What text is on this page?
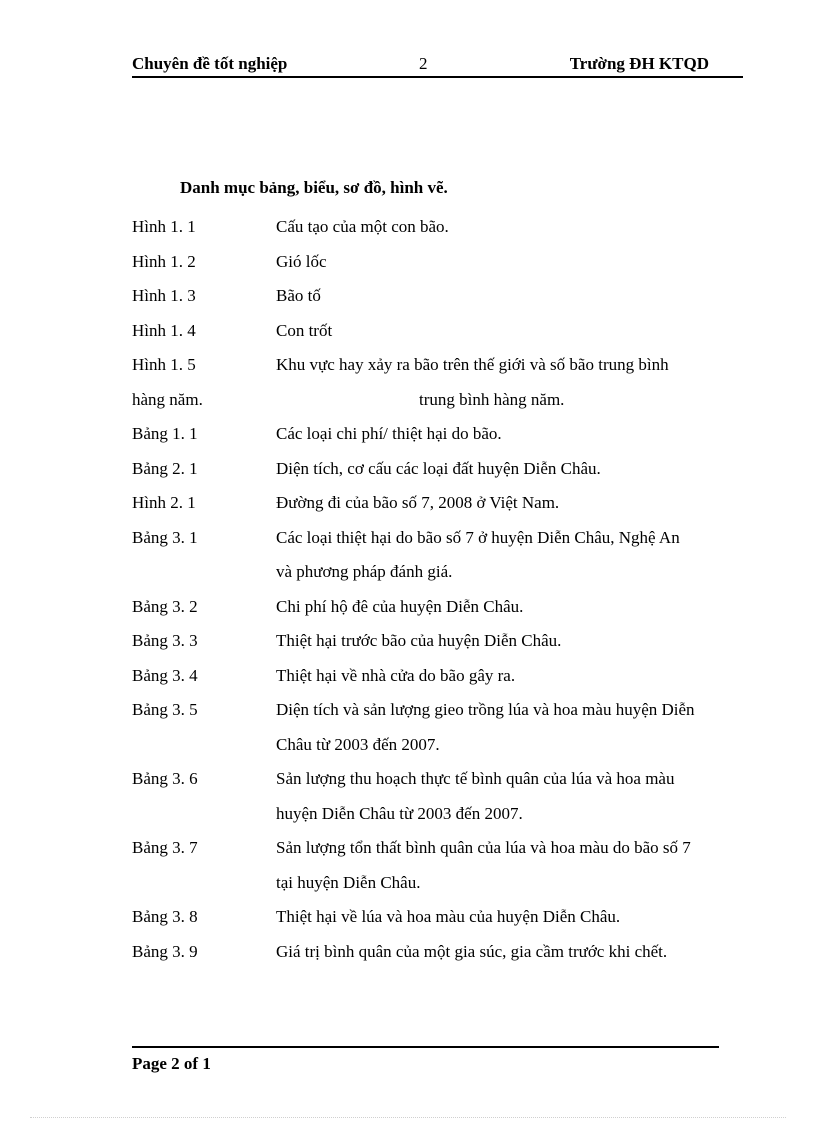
Chuyên đề tốt nghiệp	2	Trường ĐH KTQD
Danh mục bảng, biểu, sơ đồ, hình vẽ.
Hình 1. 1	Cấu tạo của một con bão.
Hình 1. 2	Gió lốc
Hình 1. 3	Bão tố
Hình 1. 4	Con trốt
Hình 1. 5	Khu vực hay xảy ra bão trên thế giới và số bão trung bình
hàng năm.	trung bình hàng năm.
Bảng 1. 1	Các loại chi phí/ thiệt hại do bão.
Bảng 2. 1	Diện tích, cơ cấu các loại đất huyện Diễn Châu.
Hình 2. 1	Đường đi của bão số 7, 2008 ở Việt Nam.
Bảng 3. 1	Các loại thiệt hại do bão số 7 ở huyện Diễn Châu, Nghệ An
và phương pháp đánh giá.
Bảng 3. 2	Chi phí hộ đê của huyện Diễn Châu.
Bảng 3. 3	Thiệt hại trước bão của huyện Diễn Châu.
Bảng 3. 4	Thiệt hại về nhà cửa do bão gây ra.
Bảng 3. 5	Diện tích và sản lượng gieo trồng lúa và hoa màu huyện Diễn
Châu từ 2003 đến 2007.
Bảng 3. 6	Sản lượng thu hoạch thực tế bình quân của lúa và hoa màu
huyện Diễn Châu từ 2003 đến 2007.
Bảng 3. 7	Sản lượng tổn thất bình quân của lúa và hoa màu do bão số 7
tại huyện Diễn Châu.
Bảng 3. 8	Thiệt hại về lúa và hoa màu của huyện Diễn Châu.
Bảng 3. 9	Giá trị bình quân của một gia súc, gia cầm trước khi chết.
Page 2 of 1
